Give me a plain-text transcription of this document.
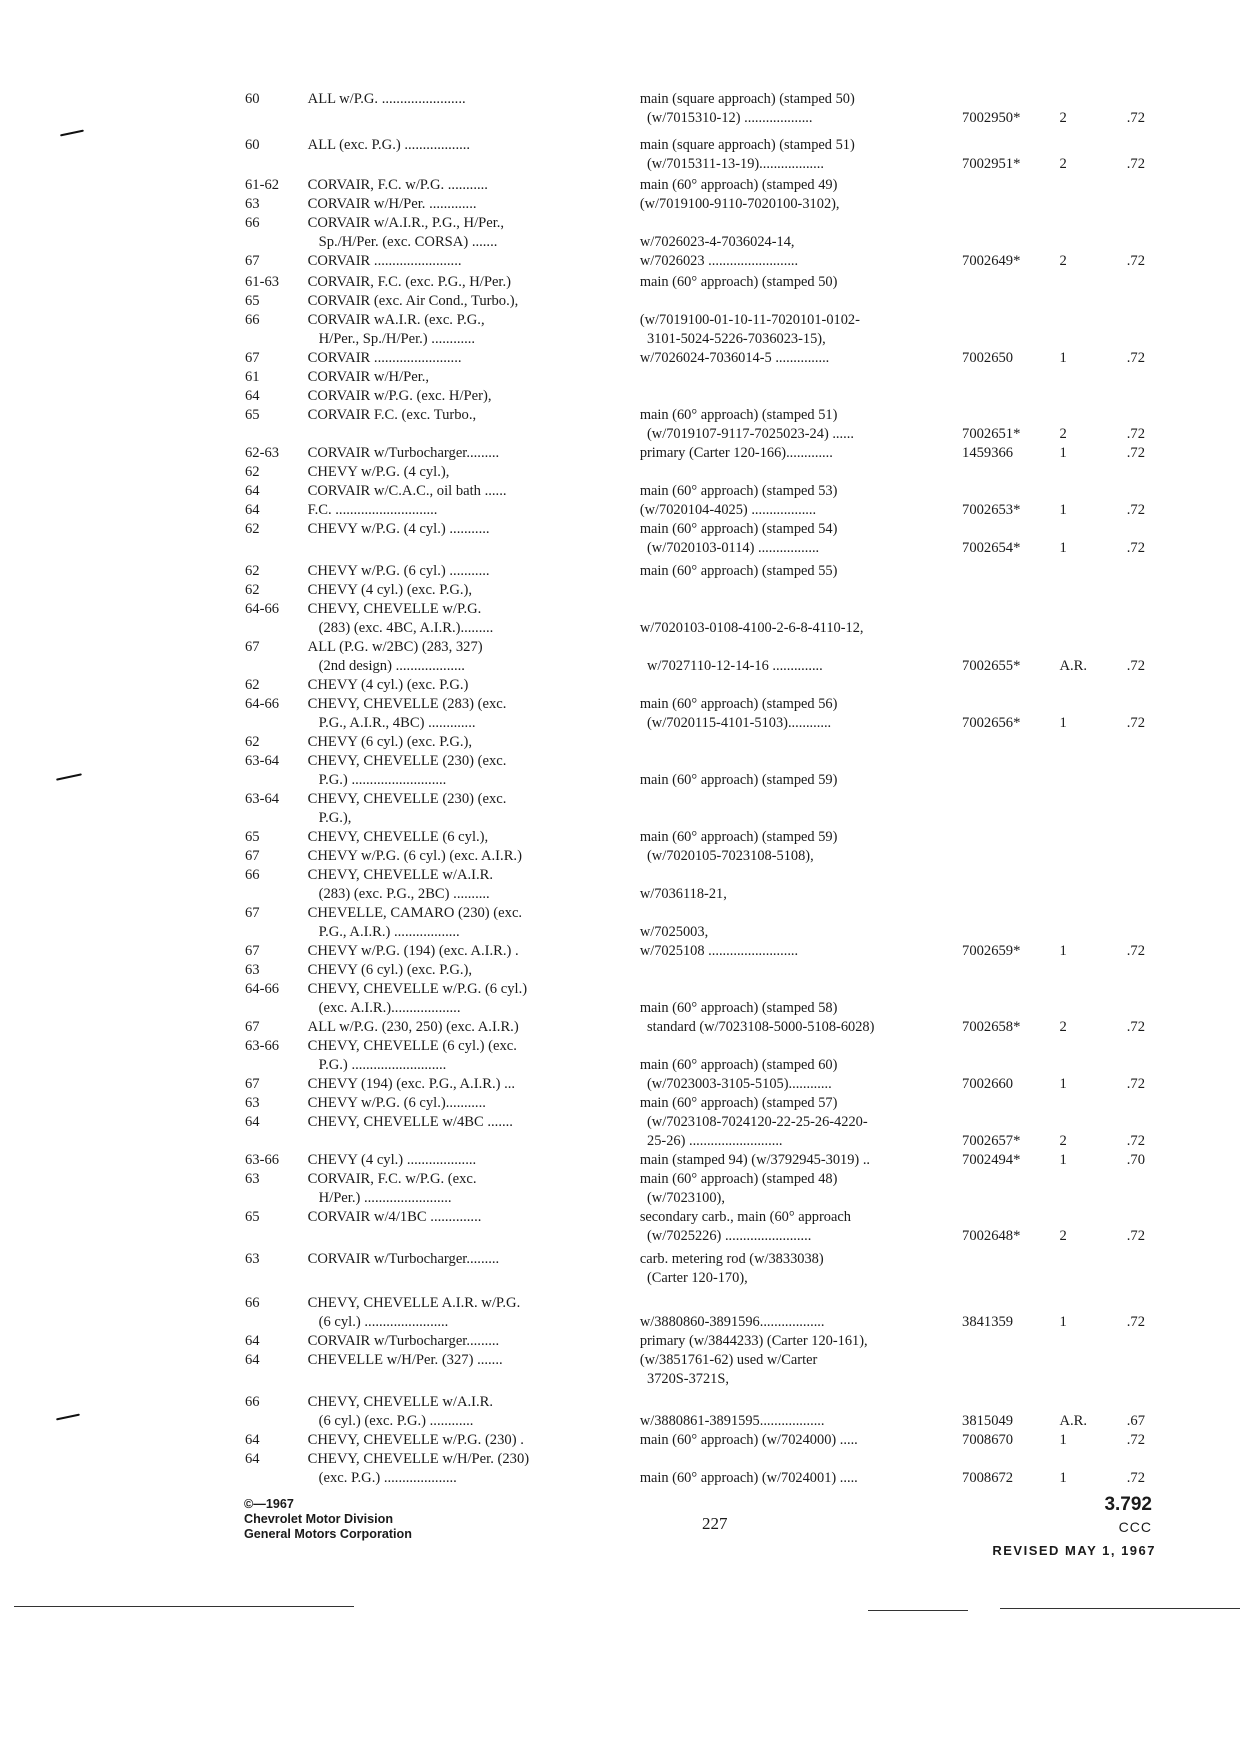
60	ALL w/P.G. .......................	main (square approach) (stamped 50)
(w/7015310-12) ...................	7002950*	2	.72
60	ALL (exc. P.G.) ..................	main (square approach) (stamped 51)
(w/7015311-13-19)..................	7002951*	2	.72
61-62	CORVAIR, F.C. w/P.G. ...........	main (60° approach) (stamped 49)
63	CORVAIR w/H/Per. .............	(w/7019100-9110-7020100-3102),
66	CORVAIR w/A.I.R., P.G., H/Per.,
Sp./H/Per. (exc. CORSA) .......	w/7026023-4-7036024-14,
67	CORVAIR ........................	w/7026023 .........................	7002649*	2	.72
61-63	CORVAIR, F.C. (exc. P.G., H/Per.)	main (60° approach) (stamped 50)
65	CORVAIR (exc. Air Cond., Turbo.),
66	CORVAIR wA.I.R. (exc. P.G.,	(w/7019100-01-10-11-7020101-0102-
H/Per., Sp./H/Per.) ............	3101-5024-5226-7036023-15),
67	CORVAIR ........................	w/7026024-7036014-5 ...............	7002650	1	.72
61	CORVAIR w/H/Per.,
64	CORVAIR w/P.G. (exc. H/Per),
65	CORVAIR F.C. (exc. Turbo.,	main (60° approach) (stamped 51)
(w/7019107-9117-7025023-24) ......	7002651*	2	.72
62-63	CORVAIR w/Turbocharger.........	primary (Carter 120-166).............	1459366	1	.72
62	CHEVY w/P.G. (4 cyl.),
64	CORVAIR w/C.A.C., oil bath ......	main (60° approach) (stamped 53)
64	F.C. ............................	(w/7020104-4025) ..................	7002653*	1	.72
62	CHEVY w/P.G. (4 cyl.) ...........	main (60° approach) (stamped 54)
(w/7020103-0114) .................	7002654*	1	.72
62	CHEVY w/P.G. (6 cyl.) ...........	main (60° approach) (stamped 55)
62	CHEVY (4 cyl.) (exc. P.G.),
64-66	CHEVY, CHEVELLE w/P.G.
(283) (exc. 4BC, A.I.R.).........	w/7020103-0108-4100-2-6-8-4110-12,
67	ALL (P.G. w/2BC) (283, 327)
(2nd design) ...................	w/7027110-12-14-16 ..............	7002655*	A.R.	.72
62	CHEVY (4 cyl.) (exc. P.G.)
64-66	CHEVY, CHEVELLE (283) (exc.	main (60° approach) (stamped 56)
P.G., A.I.R., 4BC) .............	(w/7020115-4101-5103)............	7002656*	1	.72
62	CHEVY (6 cyl.) (exc. P.G.),
63-64	CHEVY, CHEVELLE (230) (exc.
P.G.) ..........................	main (60° approach) (stamped 59)
63-64	CHEVY, CHEVELLE (230) (exc.
P.G.),
65	CHEVY, CHEVELLE (6 cyl.),	main (60° approach) (stamped 59)
67	CHEVY w/P.G. (6 cyl.) (exc. A.I.R.)	(w/7020105-7023108-5108),
66	CHEVY, CHEVELLE w/A.I.R.
(283) (exc. P.G., 2BC) ..........	w/7036118-21,
67	CHEVELLE, CAMARO (230) (exc.
P.G., A.I.R.) ..................	w/7025003,
67	CHEVY w/P.G. (194) (exc. A.I.R.) .	w/7025108 .........................	7002659*	1	.72
63	CHEVY (6 cyl.) (exc. P.G.),
64-66	CHEVY, CHEVELLE w/P.G. (6 cyl.)
(exc. A.I.R.)...................	main (60° approach) (stamped 58)
67	ALL w/P.G. (230, 250) (exc. A.I.R.)	standard (w/7023108-5000-5108-6028)	7002658*	2	.72
63-66	CHEVY, CHEVELLE (6 cyl.) (exc.
P.G.) ..........................	main (60° approach) (stamped 60)
67	CHEVY (194) (exc. P.G., A.I.R.) ...	(w/7023003-3105-5105)............	7002660	1	.72
63	CHEVY w/P.G. (6 cyl.)...........	main (60° approach) (stamped 57)
64	CHEVY, CHEVELLE w/4BC .......	(w/7023108-7024120-22-25-26-4220-
25-26) ..........................	7002657*	2	.72
63-66	CHEVY (4 cyl.) ...................	main (stamped 94) (w/3792945-3019) ..	7002494*	1	.70
63	CORVAIR, F.C. w/P.G. (exc.	main (60° approach) (stamped 48)
H/Per.) ........................	(w/7023100),
65	CORVAIR w/4/1BC ..............	secondary carb., main (60° approach
(w/7025226) ........................	7002648*	2	.72
63	CORVAIR w/Turbocharger.........	carb. metering rod (w/3833038)
(Carter 120-170),
66	CHEVY, CHEVELLE A.I.R. w/P.G.
(6 cyl.) .......................	w/3880860-3891596..................	3841359	1	.72
64	CORVAIR w/Turbocharger.........	primary (w/3844233) (Carter 120-161),
64	CHEVELLE w/H/Per. (327) .......	(w/3851761-62) used w/Carter
3720S-3721S,
66	CHEVY, CHEVELLE w/A.I.R.
(6 cyl.) (exc. P.G.) ............	w/3880861-3891595..................	3815049	A.R.	.67
64	CHEVY, CHEVELLE w/P.G. (230) .	main (60° approach) (w/7024000) .....	7008670	1	.72
64	CHEVY, CHEVELLE w/H/Per. (230)
(exc. P.G.) ....................	main (60° approach) (w/7024001) .....	7008672	1	.72
©—1967
Chevrolet Motor Division
General Motors Corporation
227
3.792
CCC
REVISED MAY 1, 1967
